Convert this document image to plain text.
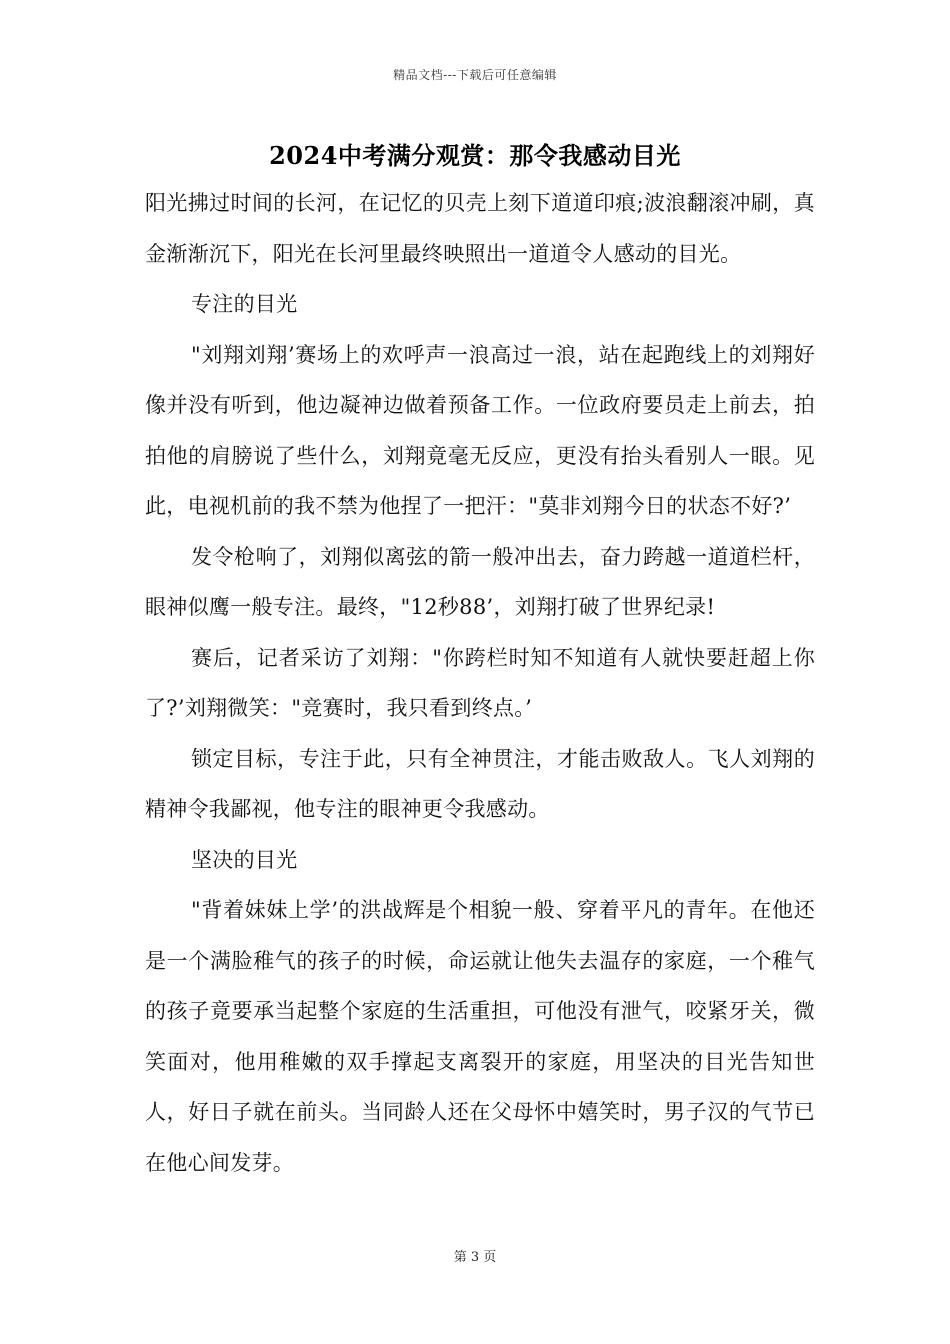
精品文档---下载后可任意编辑
2024中考满分观赏：那令我感动目光

阳光拂过时间的长河，在记忆的贝壳上刻下道道印痕;波浪翻滚冲刷，真金渐渐沉下，阳光在长河里最终映照出一道道令人感动的目光。

专注的目光

"刘翔刘翔’赛场上的欢呼声一浪高过一浪，站在起跑线上的刘翔好像并没有听到，他边凝神边做着预备工作。一位政府要员走上前去，拍拍他的肩膀说了些什么，刘翔竟毫无反应，更没有抬头看别人一眼。见此，电视机前的我不禁为他捏了一把汗："莫非刘翔今日的状态不好?’

发令枪响了，刘翔似离弦的箭一般冲出去，奋力跨越一道道栏杆，眼神似鹰一般专注。最终，"12秒88’，刘翔打破了世界纪录!

赛后，记者采访了刘翔："你跨栏时知不知道有人就快要赶超上你了?’刘翔微笑："竞赛时，我只看到终点。’

锁定目标，专注于此，只有全神贯注，才能击败敌人。飞人刘翔的精神令我鄙视，他专注的眼神更令我感动。

坚决的目光

"背着妹妹上学’的洪战辉是个相貌一般、穿着平凡的青年。在他还是一个满脸稚气的孩子的时候，命运就让他失去温存的家庭，一个稚气的孩子竟要承当起整个家庭的生活重担，可他没有泄气，咬紧牙关，微笑面对，他用稚嫩的双手撑起支离裂开的家庭，用坚决的目光告知世人，好日子就在前头。当同龄人还在父母怀中嬉笑时，男子汉的气节已在他心间发芽。

第 3 页
